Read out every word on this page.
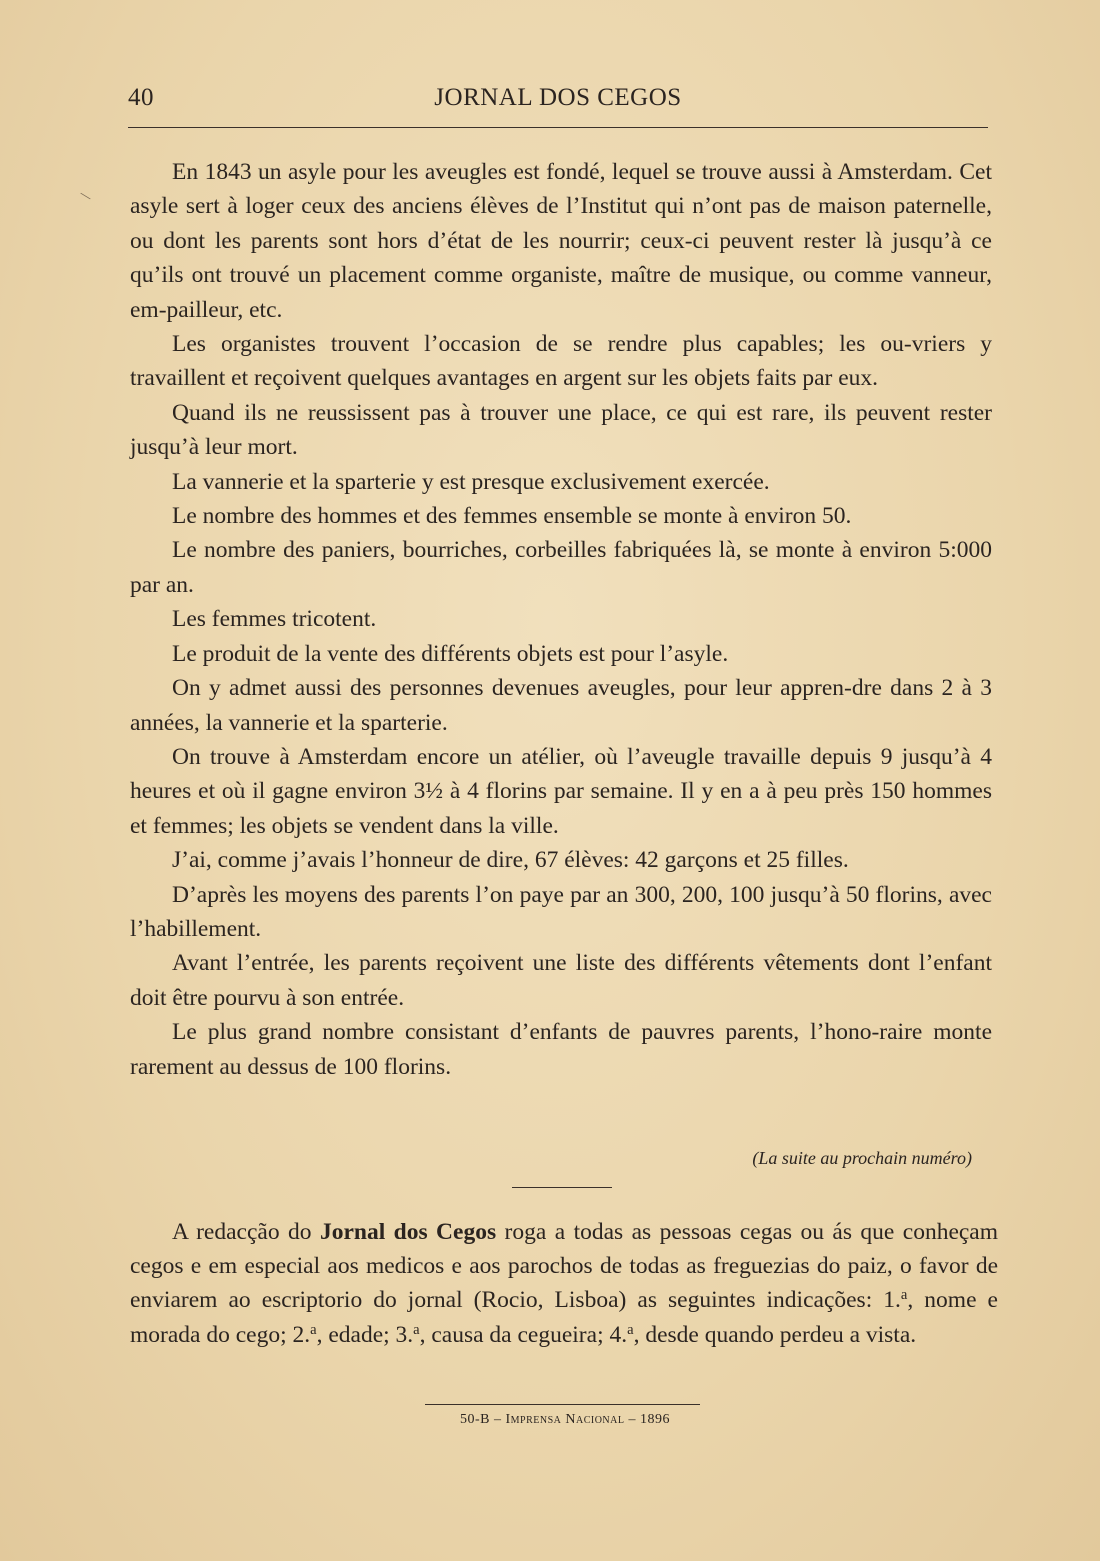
40	JORNAL DOS CEGOS
\

En 1843 un asyle pour les aveugles est fondé, lequel se trouve aussi à Amsterdam. Cet asyle sert à loger ceux des anciens élèves de l’Institut qui n’ont pas de maison paternelle, ou dont les parents sont hors d’état de les nourrir; ceux-ci peuvent rester là jusqu’à ce qu’ils ont trouvé un placement comme organiste, maître de musique, ou comme vanneur, em-pailleur, etc.

Les organistes trouvent l’occasion de se rendre plus capables; les ou-vriers y travaillent et reçoivent quelques avantages en argent sur les objets faits par eux.

Quand ils ne reussissent pas à trouver une place, ce qui est rare, ils peuvent rester jusqu’à leur mort.

La vannerie et la sparterie y est presque exclusivement exercée.

Le nombre des hommes et des femmes ensemble se monte à environ 50.

Le nombre des paniers, bourriches, corbeilles fabriquées là, se monte à environ 5:000 par an.

Les femmes tricotent.

Le produit de la vente des différents objets est pour l’asyle.

On y admet aussi des personnes devenues aveugles, pour leur appren-dre dans 2 à 3 années, la vannerie et la sparterie.

On trouve à Amsterdam encore un atélier, où l’aveugle travaille depuis 9 jusqu’à 4 heures et où il gagne environ 3½ à 4 florins par semaine. Il y en a à peu près 150 hommes et femmes; les objets se vendent dans la ville.

J’ai, comme j’avais l’honneur de dire, 67 élèves: 42 garçons et 25 filles.

D’après les moyens des parents l’on paye par an 300, 200, 100 jusqu’à 50 florins, avec l’habillement.

Avant l’entrée, les parents reçoivent une liste des différents vêtements dont l’enfant doit être pourvu à son entrée.

Le plus grand nombre consistant d’enfants de pauvres parents, l’hono-raire monte rarement au dessus de 100 florins.

(La suite au prochain numéro)

A redacção do Jornal dos Cegos roga a todas as pessoas cegas ou ás que conheçam cegos e em especial aos medicos e aos parochos de todas as freguezias do paiz, o favor de enviarem ao escriptorio do jornal (Rocio, Lisboa) as seguintes indicações: 1.$^a$, nome e morada do cego; 2.$^a$, edade; 3.$^a$, causa da cegueira; 4.$^a$, desde quando perdeu a vista.

50-B – Imprensa Nacional – 1896
